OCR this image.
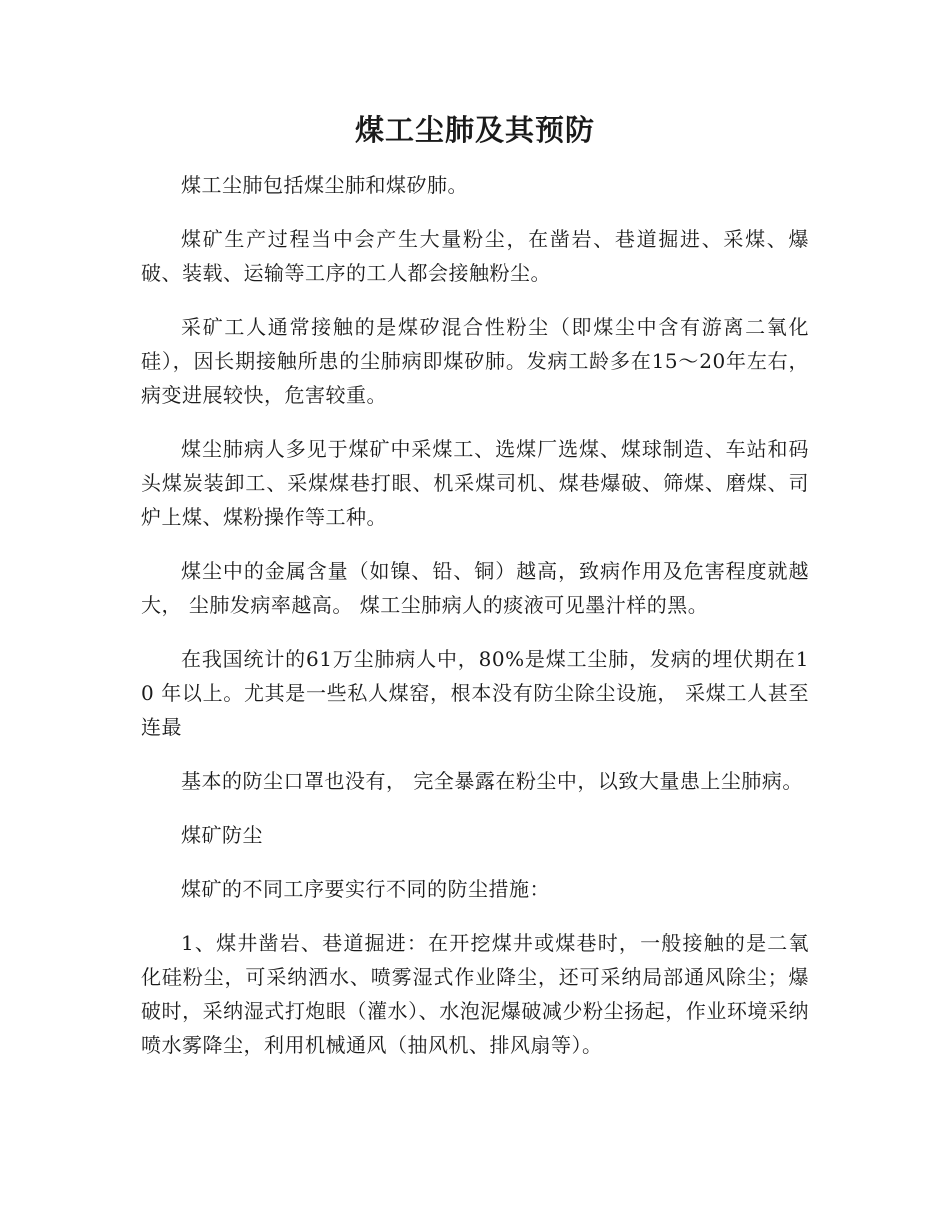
煤工尘肺及其预防

煤工尘肺包括煤尘肺和煤矽肺。

煤矿生产过程当中会产生大量粉尘，在凿岩、巷道掘进、采煤、爆破、装载、运输等工序的工人都会接触粉尘。

采矿工人通常接触的是煤矽混合性粉尘（即煤尘中含有游离二氧化硅），因长期接触所患的尘肺病即煤矽肺。发病工龄多在15～20年左右，病变进展较快，危害较重。

煤尘肺病人多见于煤矿中采煤工、选煤厂选煤、煤球制造、车站和码头煤炭装卸工、采煤煤巷打眼、机采煤司机、煤巷爆破、筛煤、磨煤、司炉上煤、煤粉操作等工种。

煤尘中的金属含量（如镍、铅、铜）越高，致病作用及危害程度就越大， 尘肺发病率越高。 煤工尘肺病人的痰液可见墨汁样的黑。

在我国统计的61万尘肺病人中，80%是煤工尘肺，发病的埋伏期在10 年以上。尤其是一些私人煤窑，根本没有防尘除尘设施， 采煤工人甚至连最

基本的防尘口罩也没有， 完全暴露在粉尘中，以致大量患上尘肺病。

煤矿防尘

煤矿的不同工序要实行不同的防尘措施：

1、煤井凿岩、巷道掘进：在开挖煤井或煤巷时，一般接触的是二氧化硅粉尘，可采纳洒水、喷雾湿式作业降尘，还可采纳局部通风除尘；爆破时，采纳湿式打炮眼（灌水）、水泡泥爆破减少粉尘扬起，作业环境采纳喷水雾降尘，利用机械通风（抽风机、排风扇等）。
